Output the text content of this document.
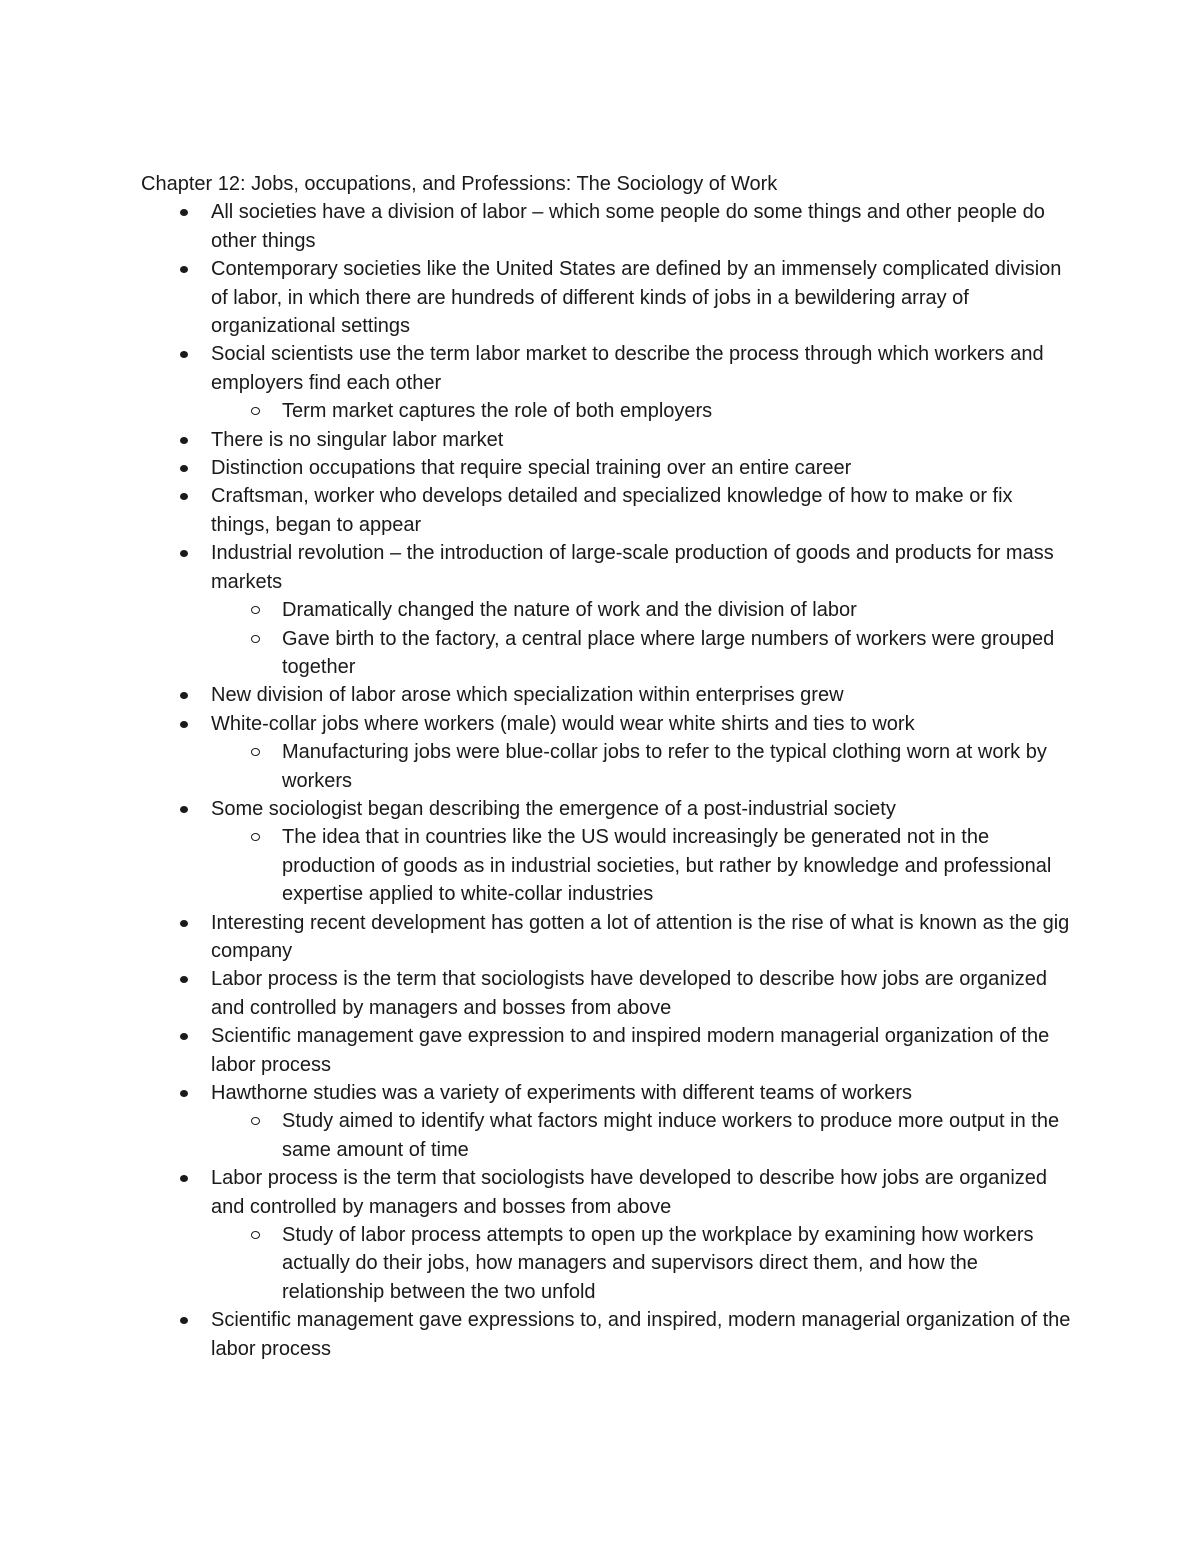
Chapter 12: Jobs, occupations, and Professions: The Sociology of Work
All societies have a division of labor – which some people do some things and other people do other things
Contemporary societies like the United States are defined by an immensely complicated division of labor, in which there are hundreds of different kinds of jobs in a bewildering array of organizational settings
Social scientists use the term labor market to describe the process through which workers and employers find each other
Term market captures the role of both employers
There is no singular labor market
Distinction occupations that require special training over an entire career
Craftsman, worker who develops detailed and specialized knowledge of how to make or fix things, began to appear
Industrial revolution – the introduction of large-scale production of goods and products for mass markets
Dramatically changed the nature of work and the division of labor
Gave birth to the factory, a central place where large numbers of workers were grouped together
New division of labor arose which specialization within enterprises grew
White-collar jobs where workers (male) would wear white shirts and ties to work
Manufacturing jobs were blue-collar jobs to refer to the typical clothing worn at work by workers
Some sociologist began describing the emergence of a post-industrial society
The idea that in countries like the US would increasingly be generated not in the production of goods as in industrial societies, but rather by knowledge and professional expertise applied to white-collar industries
Interesting recent development has gotten a lot of attention is the rise of what is known as the gig company
Labor process is the term that sociologists have developed to describe how jobs are organized and controlled by managers and bosses from above
Scientific management gave expression to and inspired modern managerial organization of the labor process
Hawthorne studies was a variety of experiments with different teams of workers
Study aimed to identify what factors might induce workers to produce more output in the same amount of time
Labor process is the term that sociologists have developed to describe how jobs are organized and controlled by managers and bosses from above
Study of labor process attempts to open up the workplace by examining how workers actually do their jobs, how managers and supervisors direct them, and how the relationship between the two unfold
Scientific management gave expressions to, and inspired, modern managerial organization of the labor process
